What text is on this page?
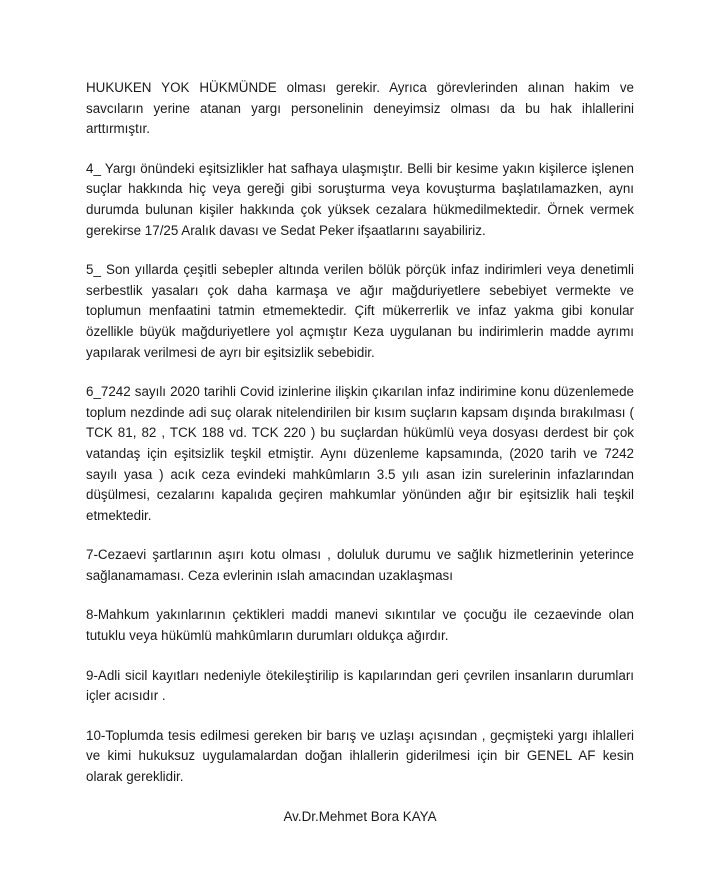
HUKUKEN YOK HÜKMÜNDE olması gerekir. Ayrıca görevlerinden alınan hakim ve savcıların yerine atanan yargı personelinin deneyimsiz olması da bu hak ihlallerini arttırmıştır.

4_ Yargı önündeki eşitsizlikler hat safhaya ulaşmıştır. Belli bir kesime yakın kişilerce işlenen suçlar hakkında hiç veya gereği gibi soruşturma veya kovuşturma başlatılamazken, aynı durumda bulunan kişiler hakkında çok yüksek cezalara hükmedilmektedir. Örnek vermek gerekirse 17/25 Aralık davası ve Sedat Peker ifşaatlarını sayabiliriz.

5_ Son yıllarda çeşitli sebepler altında verilen bölük pörçük infaz indirimleri veya denetimli serbestlik yasaları çok daha karmaşa ve ağır mağduriyetlere sebebiyet vermekte ve toplumun menfaatini tatmin etmemektedir. Çift mükerrerlik ve infaz yakma gibi konular özellikle büyük mağduriyetlere yol açmıştır Keza uygulanan bu indirimlerin madde ayrımı yapılarak verilmesi de ayrı bir eşitsizlik sebebidir.

6_7242 sayılı 2020 tarihli Covid izinlerine ilişkin çıkarılan infaz indirimine konu düzenlemede toplum nezdinde adi suç olarak nitelendirilen bir kısım suçların kapsam dışında bırakılması ( TCK 81, 82 , TCK 188 vd. TCK 220 ) bu suçlardan hükümlü veya dosyası derdest bir çok vatandaş için eşitsizlik teşkil etmiştir. Aynı düzenleme kapsamında, (2020 tarih ve 7242 sayılı yasa ) acık ceza evindeki mahkûmların 3.5 yılı asan izin surelerinin infazlarından düşülmesi, cezalarını kapalıda geçiren mahkumlar yönünden ağır bir eşitsizlik hali teşkil etmektedir.

7-Cezaevi şartlarının aşırı kotu olması , doluluk durumu ve sağlık hizmetlerinin yeterince sağlanamaması. Ceza evlerinin ıslah amacından uzaklaşması

8-Mahkum yakınlarının çektikleri maddi manevi sıkıntılar ve çocuğu ile cezaevinde olan tutuklu veya hükümlü mahkûmların durumları oldukça ağırdır.

9-Adli sicil kayıtları nedeniyle ötekileştirilip is kapılarından geri çevrilen insanların durumları içler acısıdır .

10-Toplumda tesis edilmesi gereken bir barış ve uzlaşı açısından , geçmişteki yargı ihlalleri ve kimi hukuksuz uygulamalardan doğan ihlallerin giderilmesi için bir GENEL AF kesin olarak gereklidir.

Av.Dr.Mehmet Bora KAYA
